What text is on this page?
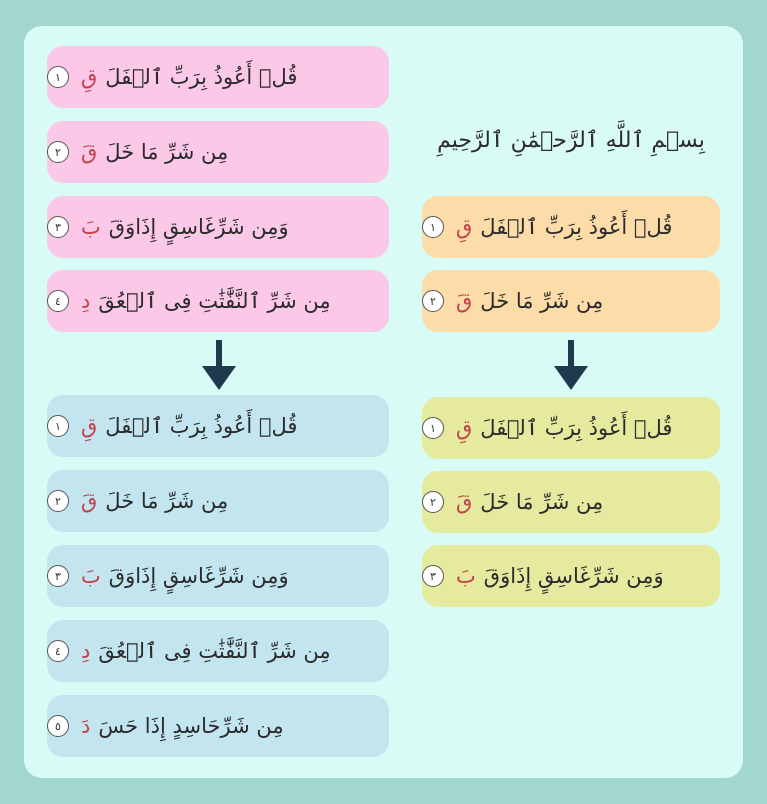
بِسۡمِ ٱللَّهِ ٱلرَّحۡمَٰنِ ٱلرَّحِيمِ
قُلۡ أَعُوذُ بِرَبِّ ٱلۡفَلَ
قِ
١
مِن شَرِّ مَا خَلَ
قَ
٢
وَمِن شَرِّغَاسِقٍ إِذَاوَقَ
بَ
٣
مِن شَرِّ ٱلنَّفَّٰثَٰتِ فِى ٱلۡعُقَ
دِ
٤
قُلۡ أَعُوذُ بِرَبِّ ٱلۡفَلَ
قِ
١
مِن شَرِّ مَا خَلَ
قَ
٢
وَمِن شَرِّغَاسِقٍ إِذَاوَقَ
بَ
٣
مِن شَرِّ ٱلنَّفَّٰثَٰتِ فِى ٱلۡعُقَ
دِ
٤
مِن شَرِّحَاسِدٍ إِذَا حَسَ
دَ
٥
قُلۡ أَعُوذُ بِرَبِّ ٱلۡفَلَ
قِ
١
مِن شَرِّ مَا خَلَ
قَ
٢
قُلۡ أَعُوذُ بِرَبِّ ٱلۡفَلَ
قِ
١
مِن شَرِّ مَا خَلَ
قَ
٢
وَمِن شَرِّغَاسِقٍ إِذَاوَقَ
بَ
٣
